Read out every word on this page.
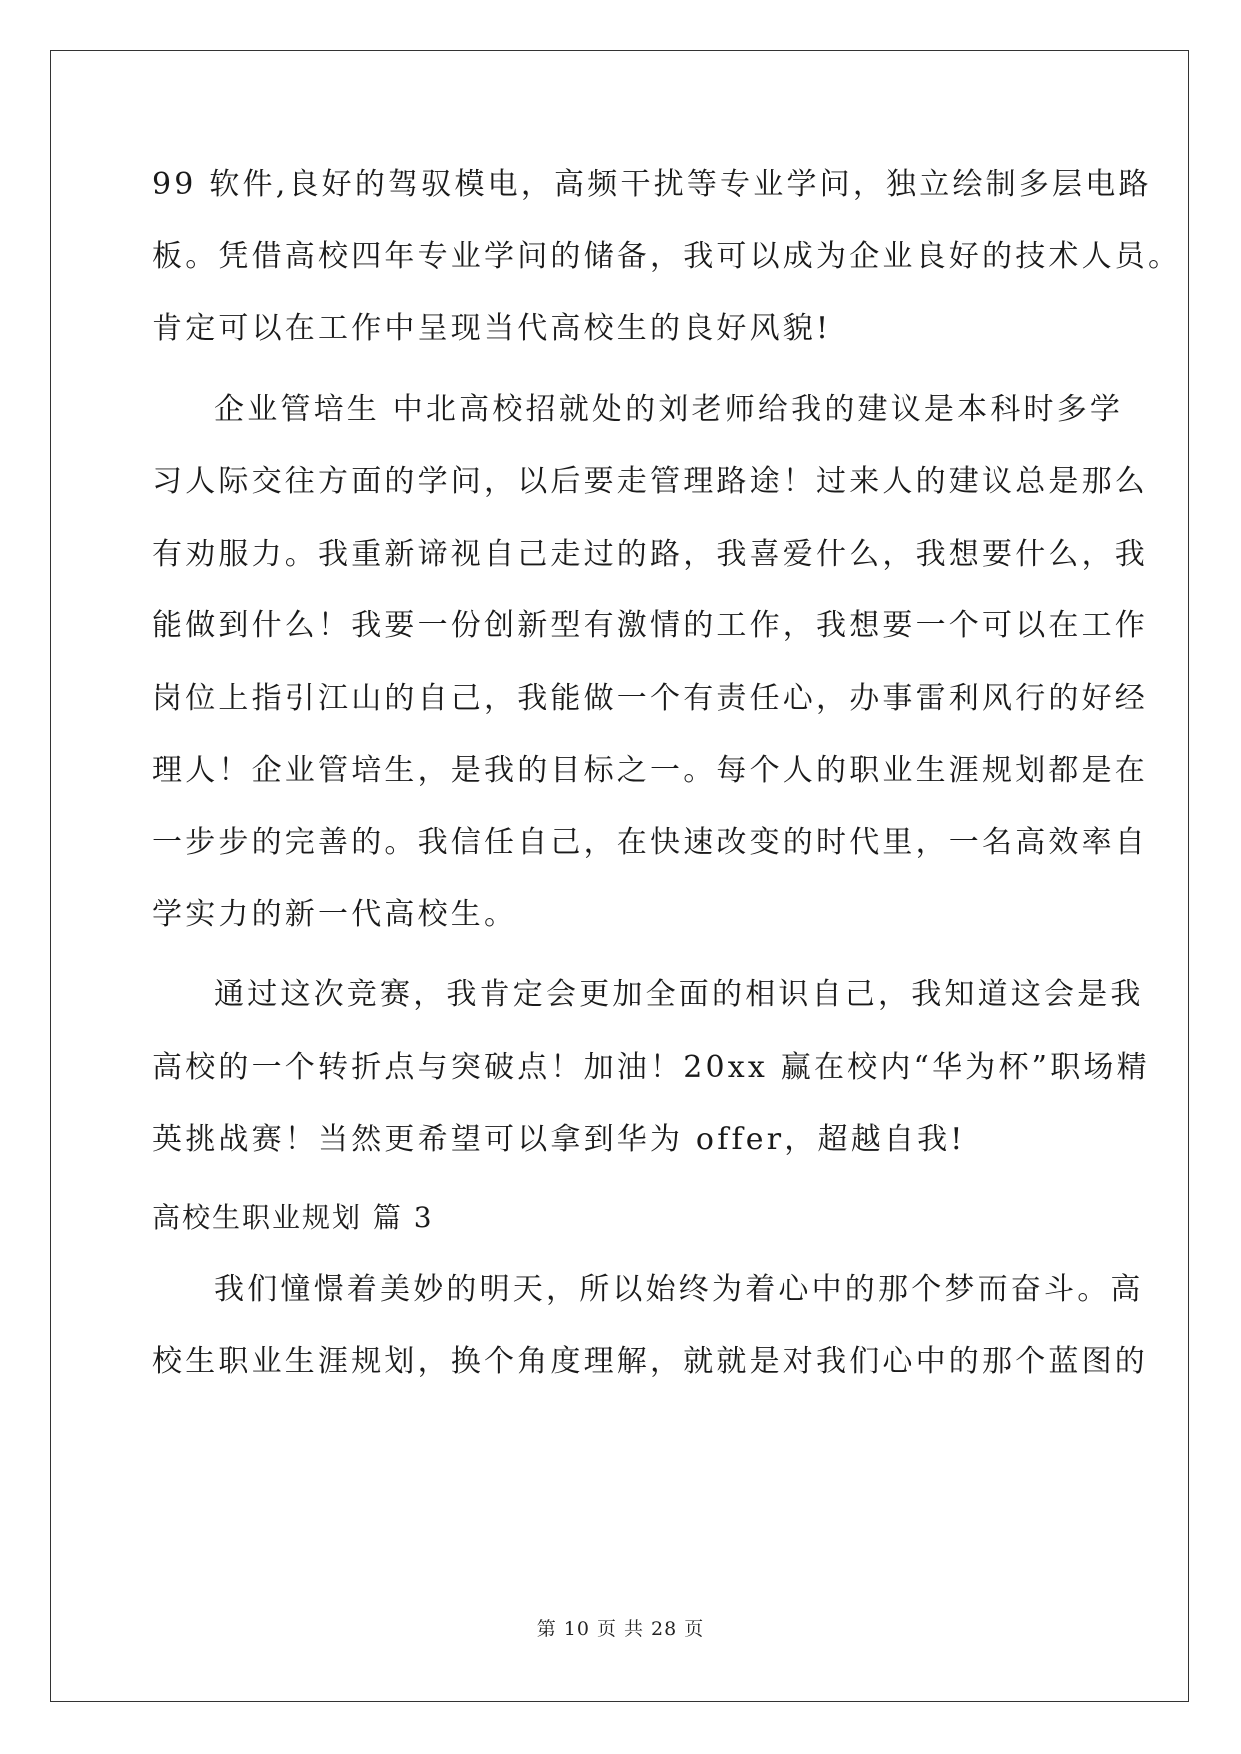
99 软件,良好的驾驭模电，高频干扰等专业学问，独立绘制多层电路
板。凭借高校四年专业学问的储备，我可以成为企业良好的技术人员。
肯定可以在工作中呈现当代高校生的良好风貌!
企业管培生 中北高校招就处的刘老师给我的建议是本科时多学
习人际交往方面的学问，以后要走管理路途！过来人的建议总是那么
有劝服力。我重新谛视自己走过的路，我喜爱什么，我想要什么，我
能做到什么！我要一份创新型有激情的工作，我想要一个可以在工作
岗位上指引江山的自己，我能做一个有责任心，办事雷利风行的好经
理人！企业管培生，是我的目标之一。每个人的职业生涯规划都是在
一步步的完善的。我信任自己，在快速改变的时代里，一名高效率自
学实力的新一代高校生。
通过这次竞赛，我肯定会更加全面的相识自己，我知道这会是我
高校的一个转折点与突破点！加油！20xx 赢在校内“华为杯”职场精
英挑战赛！当然更希望可以拿到华为 offer，超越自我!
高校生职业规划 篇 3
我们憧憬着美妙的明天，所以始终为着心中的那个梦而奋斗。高
校生职业生涯规划，换个角度理解，就就是对我们心中的那个蓝图的
第 10 页 共 28 页
